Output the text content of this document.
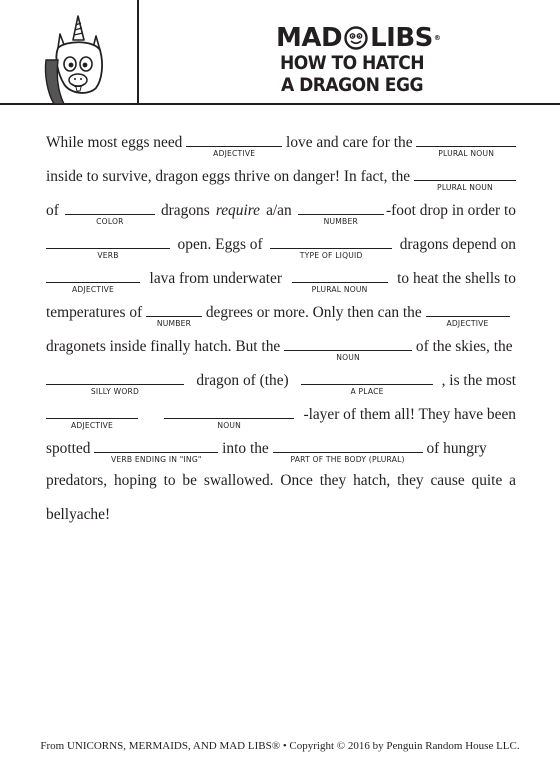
MAD LIBS ®
HOW TO HATCH
A DRAGON EGG
While most eggs need
ADJECTIVE
love and care for the
PLURAL NOUN
inside to survive, dragon eggs thrive on danger! In fact, the
PLURAL NOUN
of
COLOR
dragons require a/an
NUMBER
-foot drop in order to
VERB
open. Eggs of
TYPE OF LIQUID
dragons depend on
ADJECTIVE
lava from underwater
PLURAL NOUN
to heat the shells to
temperatures of
NUMBER
degrees or more. Only then can the
ADJECTIVE
dragonets inside finally hatch. But the
NOUN
of the skies, the
SILLY WORD
dragon of (the)
A PLACE
, is the most
ADJECTIVE
	NOUN
-layer of them all! They have been
spotted
VERB ENDING IN "ING"
into the
PART OF THE BODY (PLURAL)
of hungry
predators, hoping to be swallowed. Once they hatch, they cause quite a
bellyache!
From UNICORNS, MERMAIDS, AND MAD LIBS® • Copyright © 2016 by Penguin Random House LLC.
